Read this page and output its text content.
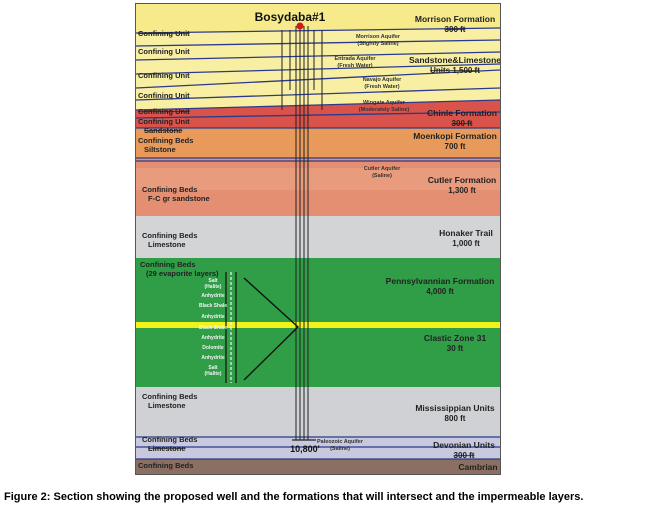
Confining Unit
Confining Unit
Confining Unit
Confining Unit
Confining Unit
Confining Unit
Sandstone
Confining Beds
Siltstone
Confining Beds
F-C gr sandstone
Confining Beds
Limestone
Confining Beds
(29 evaporite layers)
Confining Beds
Limestone
Confining Beds
Limestone
Confining Beds
Morrison Aquifer
(Slightly Saline)
Entrada Aquifer
(Fresh Water)
Navajo Aquifer
(Fresh Water)
Wingate Aquifer
(Moderately Saline)
Cutler Aquifer
(Saline)
Paleozoic Aquifer
(Saline)
Morrison Formation
300 ft
Sandstone&Limestone
Units 1,500 ft
Chinle Formation
300 ft
Moenkopi Formation
700 ft
Cutler Formation
1,300 ft
Honaker Trail
1,000 ft
Pennsylvannian Formation
4,000 ft
Clastic Zone 31
30 ft
Mississippian Units
800 ft
Devonian Units
300 ft
Cambrian
Salt
(Halite)
Anhydrite
Black Shale
Anhydrite
Black Shale
Anhydrite
Dolomite
Anhydrite
Salt
(Halite)
Bosydaba#1
10,800'
Figure 2: Section showing the proposed well and the formations that will intersect and the impermeable layers.
